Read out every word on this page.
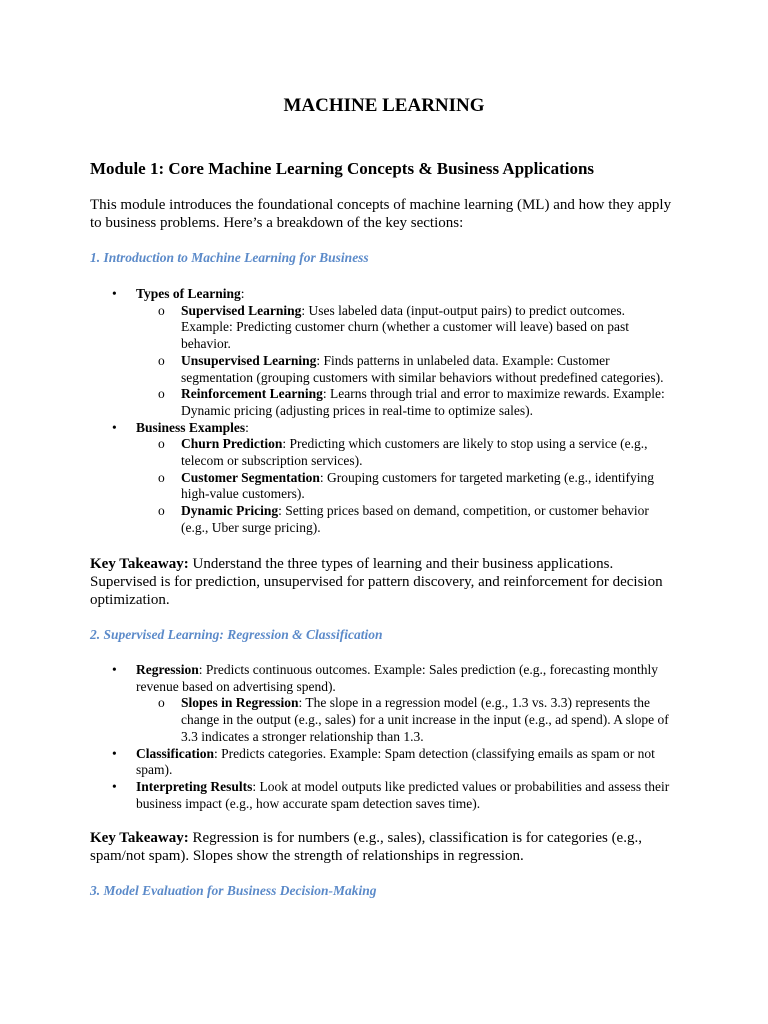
MACHINE LEARNING
Module 1: Core Machine Learning Concepts & Business Applications
This module introduces the foundational concepts of machine learning (ML) and how they apply to business problems. Here’s a breakdown of the key sections:
1. Introduction to Machine Learning for Business
• Types of Learning:
o Supervised Learning: Uses labeled data (input-output pairs) to predict outcomes. Example: Predicting customer churn (whether a customer will leave) based on past behavior.
o Unsupervised Learning: Finds patterns in unlabeled data. Example: Customer segmentation (grouping customers with similar behaviors without predefined categories).
o Reinforcement Learning: Learns through trial and error to maximize rewards. Example: Dynamic pricing (adjusting prices in real-time to optimize sales).
• Business Examples:
o Churn Prediction: Predicting which customers are likely to stop using a service (e.g., telecom or subscription services).
o Customer Segmentation: Grouping customers for targeted marketing (e.g., identifying high-value customers).
o Dynamic Pricing: Setting prices based on demand, competition, or customer behavior (e.g., Uber surge pricing).
Key Takeaway: Understand the three types of learning and their business applications. Supervised is for prediction, unsupervised for pattern discovery, and reinforcement for decision optimization.
2. Supervised Learning: Regression & Classification
• Regression: Predicts continuous outcomes. Example: Sales prediction (e.g., forecasting monthly revenue based on advertising spend).
o Slopes in Regression: The slope in a regression model (e.g., 1.3 vs. 3.3) represents the change in the output (e.g., sales) for a unit increase in the input (e.g., ad spend). A slope of 3.3 indicates a stronger relationship than 1.3.
• Classification: Predicts categories. Example: Spam detection (classifying emails as spam or not spam).
• Interpreting Results: Look at model outputs like predicted values or probabilities and assess their business impact (e.g., how accurate spam detection saves time).
Key Takeaway: Regression is for numbers (e.g., sales), classification is for categories (e.g., spam/not spam). Slopes show the strength of relationships in regression.
3. Model Evaluation for Business Decision-Making
